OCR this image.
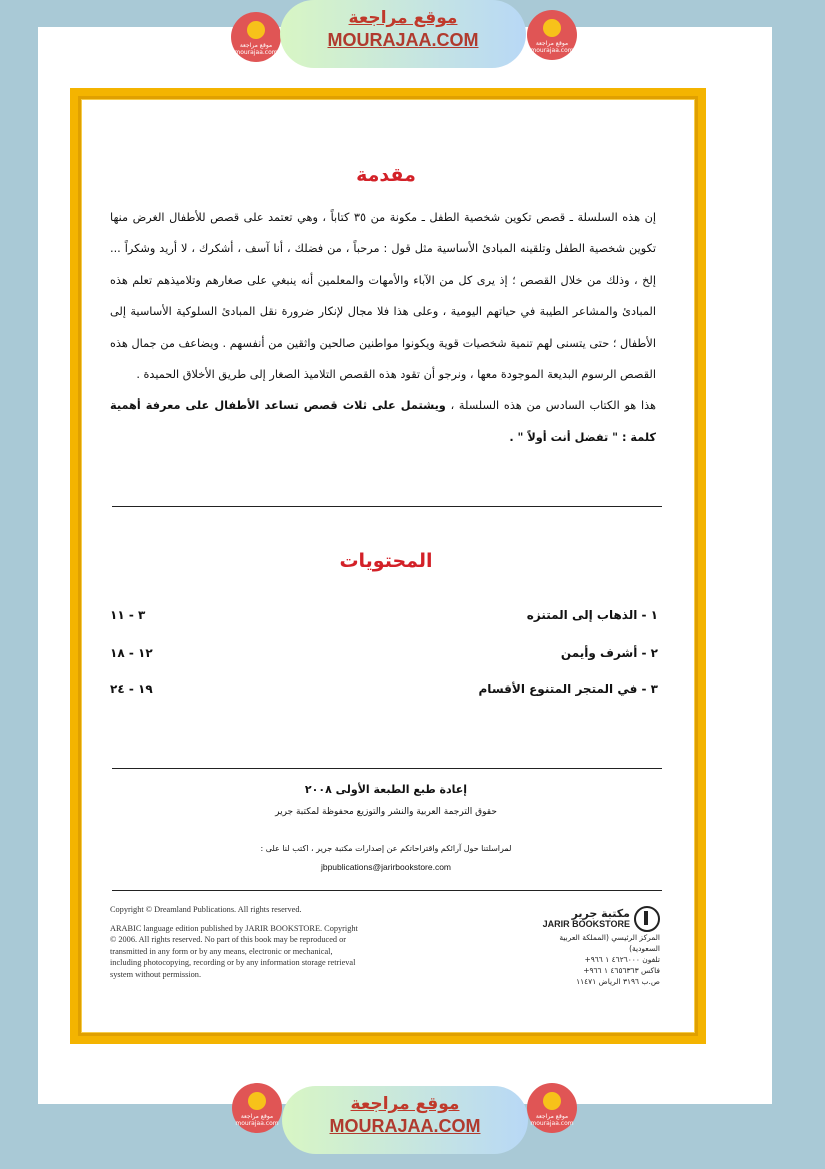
موقع مراجعة
mourajaa.com
موقع مراجعة
MOURAJAA.COM	موقع مراجعة
mourajaa.com
مقدمة

إن هذه السلسلة ـ قصص تكوين شخصية الطفل ـ مكونة من ٣٥ كتاباً ، وهي تعتمد على قصص للأطفال الغرض منها تكوين شخصية الطفل وتلقينه المبادئ الأساسية مثل قول : مرحباً ، من فضلك ، أنا آسف ، أشكرك ، لا أريد وشكراً ... إلخ ، وذلك من خلال القصص ؛ إذ يرى كل من الآباء والأمهات والمعلمين أنه ينبغي على صغارهم وتلاميذهم تعلم هذه المبادئ والمشاعر الطيبة في حياتهم اليومية ، وعلى هذا فلا مجال لإنكار ضرورة نقل المبادئ السلوكية الأساسية إلى الأطفال ؛ حتى يتسنى لهم تنمية شخصيات قوية ويكونوا مواطنين صالحين واثقين من أنفسهم . ويضاعف من جمال هذه القصص الرسوم البديعة الموجودة معها ، ونرجو أن تقود هذه القصص التلاميذ الصغار إلى طريق الأخلاق الحميدة .

هذا هو الكتاب السادس من هذه السلسلة ، ويشتمل على ثلاث قصص تساعد الأطفال على معرفة أهمية كلمة : " تفضل أنت أولاً " .

المحتويات
١ - الذهاب إلى المتنزه
٣ - ١١
٢ - أشرف وأيمن
١٢ - ١٨
٣ - في المتجر المتنوع الأقسام
١٩ - ٢٤
إعادة طبع الطبعة الأولى ٢٠٠٨
حقوق الترجمة العربية والنشر والتوزيع محفوظة لمكتبة جرير
لمراسلتنا حول آرائكم واقتراحاتكم عن إصدارات مكتبة جرير ، اكتب لنا على :
jbpublications@jarirbookstore.com

Copyright © Dreamland Publications. All rights reserved.

ARABIC language edition published by JARIR BOOKSTORE. Copyright © 2006. All rights reserved. No part of this book may be reproduced or transmitted in any form or by any means, electronic or mechanical, including photocopying, recording or by any information storage retrieval system without permission.

مكتبة جرير
JARIR BOOKSTORE
المركز الرئيسي (المملكة العربية السعودية)
تلفون ٤٦٢٦٠٠٠ ١ ٩٦٦+
فاكس ٤٦٥٦٣٦٣ ١ ٩٦٦+
ص.ب ٣١٩٦ الرياض ١١٤٧١
موقع مراجعة
mourajaa.com
موقع مراجعة
MOURAJAA.COM	موقع مراجعة
mourajaa.com
